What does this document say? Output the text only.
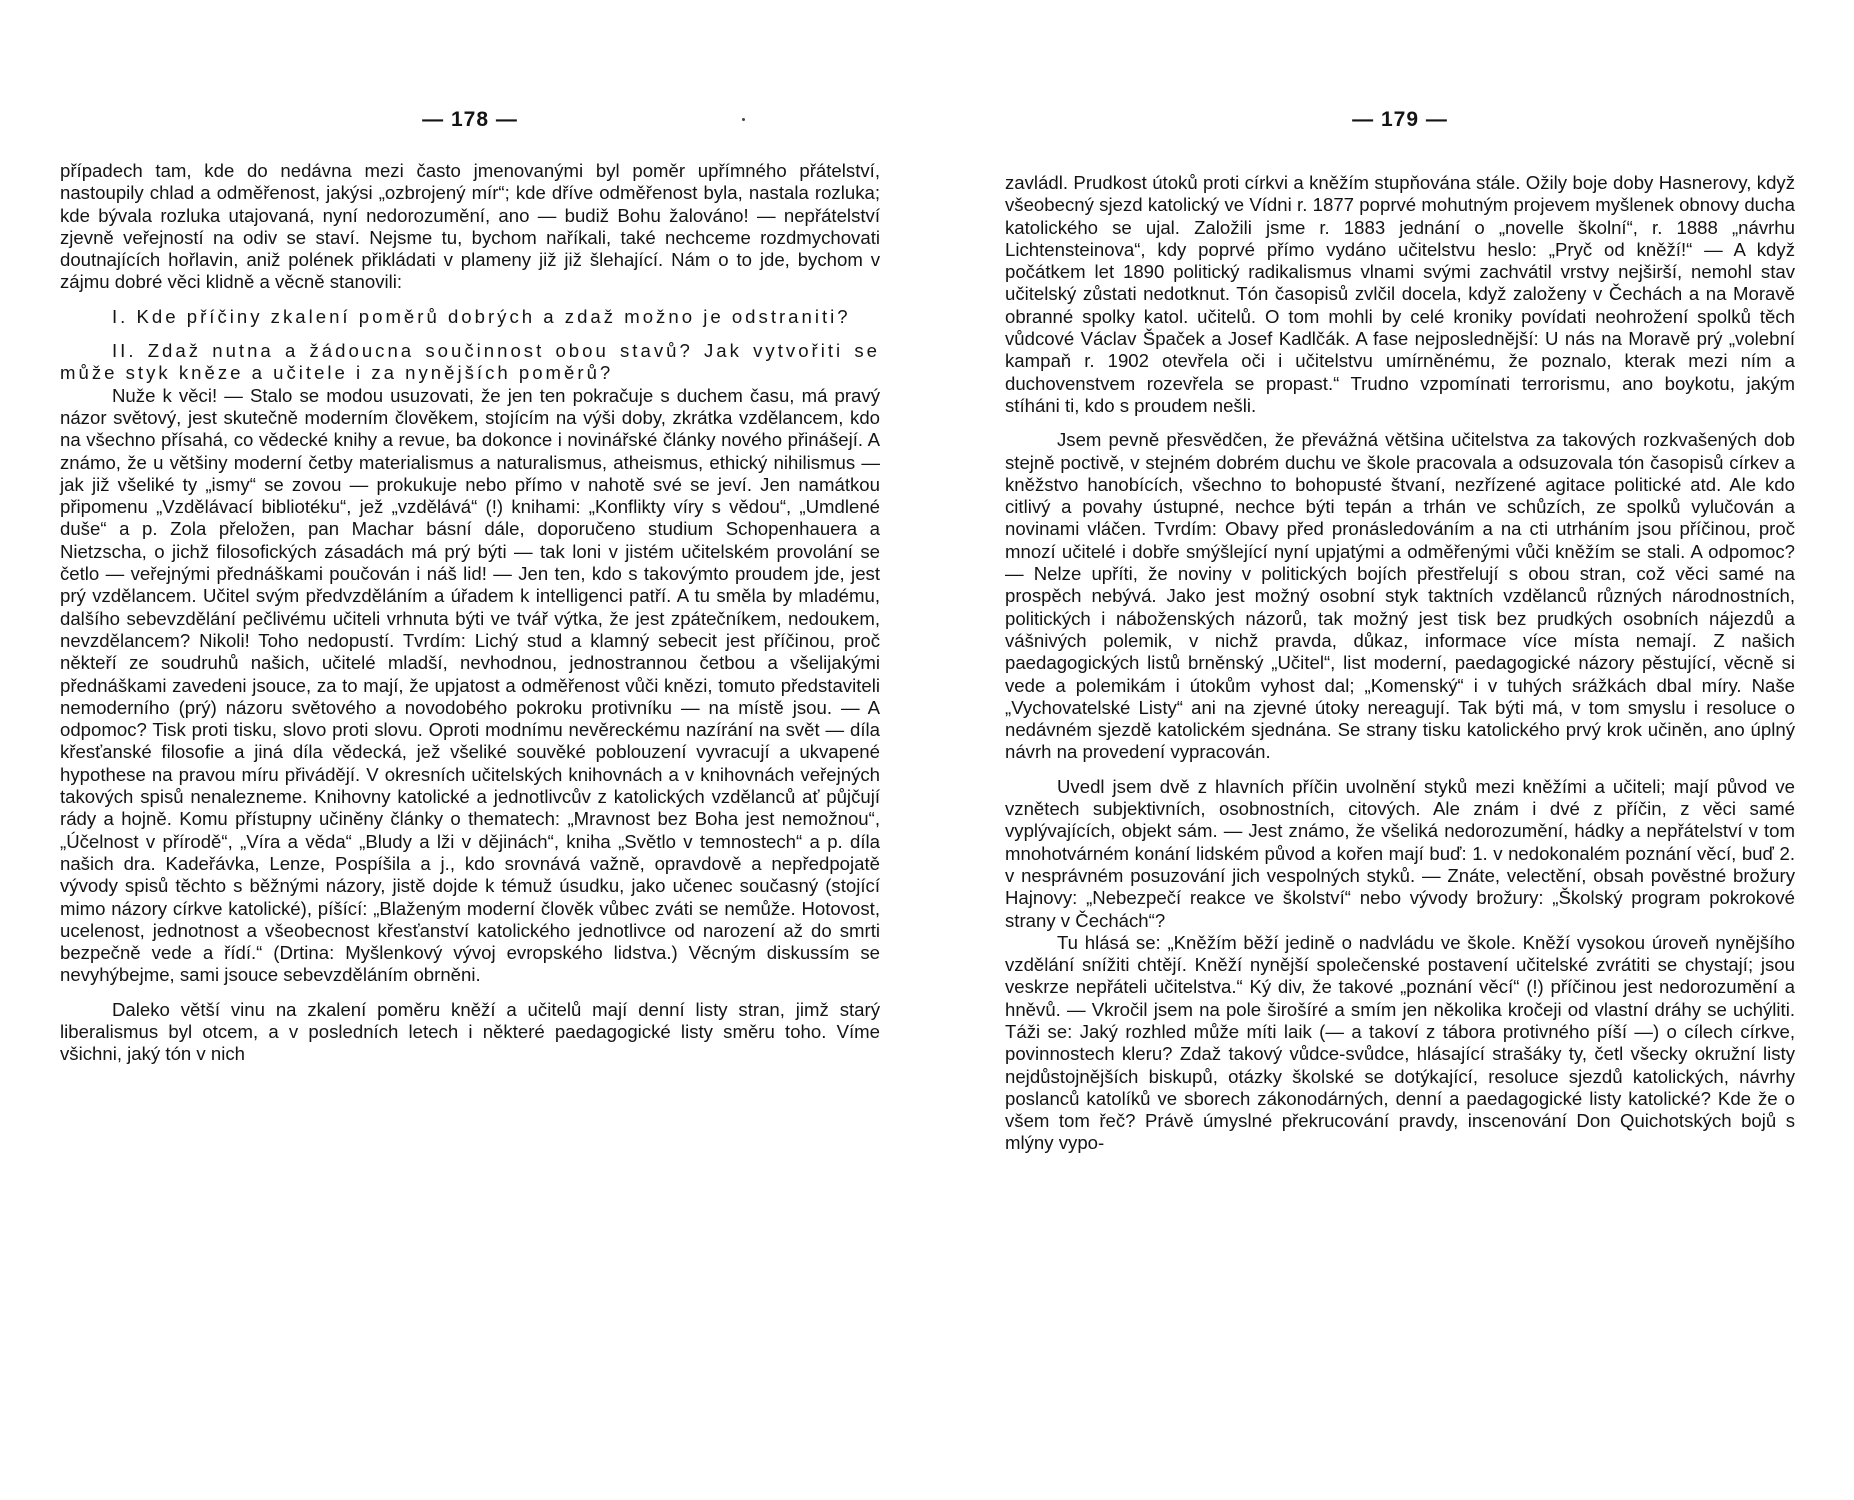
— 178 —

případech tam, kde do nedávna mezi často jmenovanými byl poměr upřímného přátelství, nastoupily chlad a odměřenost, jakýsi „ozbrojený mír“; kde dříve odměřenost byla, nastala rozluka; kde bývala rozluka utajovaná, nyní nedorozumění, ano — budiž Bohu žalováno! — nepřátelství zjevně veřejností na odiv se staví. Nejsme tu, bychom naříkali, také nechceme rozdmychovati doutnajících hořlavin, aniž polének přikládati v plameny již již šlehající. Nám o to jde, bychom v zájmu dobré věci klidně a věcně stanovili:

I. Kde příčiny zkalení poměrů dobrých a zdaž možno je odstraniti?

II. Zdaž nutna a žádoucna součinnost obou stavů? Jak vytvořiti se může styk kněze a učitele i za nynějších poměrů?

Nuže k věci! — Stalo se modou usuzovati, že jen ten pokračuje s duchem času, má pravý názor světový, jest skutečně moderním člověkem, stojícím na výši doby, zkrátka vzdělancem, kdo na všechno přísahá, co vědecké knihy a revue, ba dokonce i novinářské články nového přinášejí. A známo, že u většiny moderní četby materialismus a naturalismus, atheismus, ethický nihilismus — jak již všeliké ty „ismy“ se zovou — prokukuje nebo přímo v nahotě své se jeví. Jen namátkou připomenu „Vzdělávací bibliotéku“, jež „vzdělává“ (!) knihami: „Konflikty víry s vědou“, „Umdlené duše“ a p. Zola přeložen, pan Machar básní dále, doporučeno studium Schopenhauera a Nietzscha, o jichž filosofických zásadách má prý býti — tak loni v jistém učitelském provolání se četlo — veřejnými přednáškami poučován i náš lid! — Jen ten, kdo s takovýmto proudem jde, jest prý vzdělancem. Učitel svým předvzděláním a úřadem k intelligenci patří. A tu směla by mladému, dalšího sebevzdělání pečlivému učiteli vrhnuta býti ve tvář výtka, že jest zpátečníkem, nedoukem, nevzdělancem? Nikoli! Toho nedopustí. Tvrdím: Lichý stud a klamný sebecit jest příčinou, proč někteří ze soudruhů našich, učitelé mladší, nevhodnou, jednostrannou četbou a všelijakými přednáškami zavedeni jsouce, za to mají, že upjatost a odměřenost vůči knězi, tomuto představiteli nemoderního (prý) názoru světového a novodobého pokroku protivníku — na místě jsou. — A odpomoc? Tisk proti tisku, slovo proti slovu. Oproti modnímu nevěreckému nazírání na svět — díla křesťanské filosofie a jiná díla vědecká, jež všeliké souvěké poblouzení vyvracují a ukvapené hypothese na pravou míru přivádějí. V okresních učitelských knihovnách a v knihovnách veřejných takových spisů nenalezneme. Knihovny katolické a jednotlivcův z katolických vzdělanců ať půjčují rády a hojně. Komu přístupny učiněny články o thematech: „Mravnost bez Boha jest nemožnou“, „Účelnost v přírodě“, „Víra a věda“ „Bludy a lži v dějinách“, kniha „Světlo v temnostech“ a p. díla našich dra. Kadeřávka, Lenze, Pospíšila a j., kdo srovnává važně, opravdově a nepředpojatě vývody spisů těchto s běžnými názory, jistě dojde k témuž úsudku, jako učenec současný (stojící mimo názory církve katolické), píšící: „Blaženým moderní člověk vůbec zváti se nemůže. Hotovost, ucelenost, jednotnost a všeobecnost křesťanství katolického jednotlivce od narození až do smrti bezpečně vede a řídí.“ (Drtina: Myšlenkový vývoj evropského lidstva.) Věcným diskussím se nevyhýbejme, sami jsouce sebevzděláním obrněni.

Daleko větší vinu na zkalení poměru kněží a učitelů mají denní listy stran, jimž starý liberalismus byl otcem, a v posledních letech i některé paedagogické listy směru toho. Víme všichni, jaký tón v nich

— 179 —

zavládl. Prudkost útoků proti církvi a kněžím stupňována stále. Ožily boje doby Hasnerovy, když všeobecný sjezd katolický ve Vídni r. 1877 poprvé mohutným projevem myšlenek obnovy ducha katolického se ujal. Založili jsme r. 1883 jednání o „novelle školní“, r. 1888 „návrhu Lichtensteinova“, kdy poprvé přímo vydáno učitelstvu heslo: „Pryč od kněží!“ — A když počátkem let 1890 politický radikalismus vlnami svými zachvátil vrstvy nejširší, nemohl stav učitelský zůstati nedotknut. Tón časopisů zvlčil docela, když založeny v Čechách a na Moravě obranné spolky katol. učitelů. O tom mohli by celé kroniky povídati neohrožení spolků těch vůdcové Václav Špaček a Josef Kadlčák. A fase nejposlednější: U nás na Moravě prý „volební kampaň r. 1902 otevřela oči i učitelstvu umírněnému, že poznalo, kterak mezi ním a duchovenstvem rozevřela se propast.“ Trudno vzpomínati terrorismu, ano boykotu, jakým stíháni ti, kdo s proudem nešli.

Jsem pevně přesvědčen, že převážná většina učitelstva za takových rozkvašených dob stejně poctivě, v stejném dobrém duchu ve škole pracovala a odsuzovala tón časopisů církev a kněžstvo hanobících, všechno to bohopusté štvaní, nezřízené agitace politické atd. Ale kdo citlivý a povahy ústupné, nechce býti tepán a trhán ve schůzích, ze spolků vylučován a novinami vláčen. Tvrdím: Obavy před pronásledováním a na cti utrháním jsou příčinou, proč mnozí učitelé i dobře smýšlející nyní upjatými a odměřenými vůči kněžím se stali. A odpomoc? — Nelze upříti, že noviny v politických bojích přestřelují s obou stran, což věci samé na prospěch nebývá. Jako jest možný osobní styk taktních vzdělanců různých národnostních, politických i náboženských názorů, tak možný jest tisk bez prudkých osobních nájezdů a vášnivých polemik, v nichž pravda, důkaz, informace více místa nemají. Z našich paedagogických listů brněnský „Učitel“, list moderní, paedagogické názory pěstující, věcně si vede a polemikám i útokům vyhost dal; „Komenský“ i v tuhých srážkách dbal míry. Naše „Vychovatelské Listy“ ani na zjevné útoky nereagují. Tak býti má, v tom smyslu i resoluce o nedávném sjezdě katolickém sjednána. Se strany tisku katolického prvý krok učiněn, ano úplný návrh na provedení vypracován.

Uvedl jsem dvě z hlavních příčin uvolnění styků mezi kněžími a učiteli; mají původ ve vznětech subjektivních, osobnostních, citových. Ale znám i dvé z příčin, z věci samé vyplývajících, objekt sám. — Jest známo, že všeliká nedorozumění, hádky a nepřátelství v tom mnohotvárném konání lidském původ a kořen mají buď: 1. v nedokonalém poznání věcí, buď 2. v nesprávném posuzování jich vespolných styků. — Znáte, velectění, obsah pověstné brožury Hajnovy: „Nebezpečí reakce ve školství“ nebo vývody brožury: „Školský program pokrokové strany v Čechách“?

Tu hlásá se: „Kněžím běží jedině o nadvládu ve škole. Kněží vysokou úroveň nynějšího vzdělání snížiti chtějí. Kněží nynější společenské postavení učitelské zvrátiti se chystají; jsou veskrze nepřáteli učitelstva.“ Ký div, že takové „poznání věcí“ (!) příčinou jest nedorozumění a hněvů. — Vkročil jsem na pole širošíré a smím jen několika kročeji od vlastní dráhy se uchýliti. Táži se: Jaký rozhled může míti laik (— a takoví z tábora protivného píší —) o cílech církve, povinnostech kleru? Zdaž takový vůdce-svůdce, hlásající strašáky ty, četl všecky okružní listy nejdůstojnějších biskupů, otázky školské se dotýkající, resoluce sjezdů katolických, návrhy poslanců katolíků ve sborech zákonodárných, denní a paedagogické listy katolické? Kde že o všem tom řeč? Právě úmyslné překrucování pravdy, inscenování Don Quichotských bojů s mlýny vypo-
